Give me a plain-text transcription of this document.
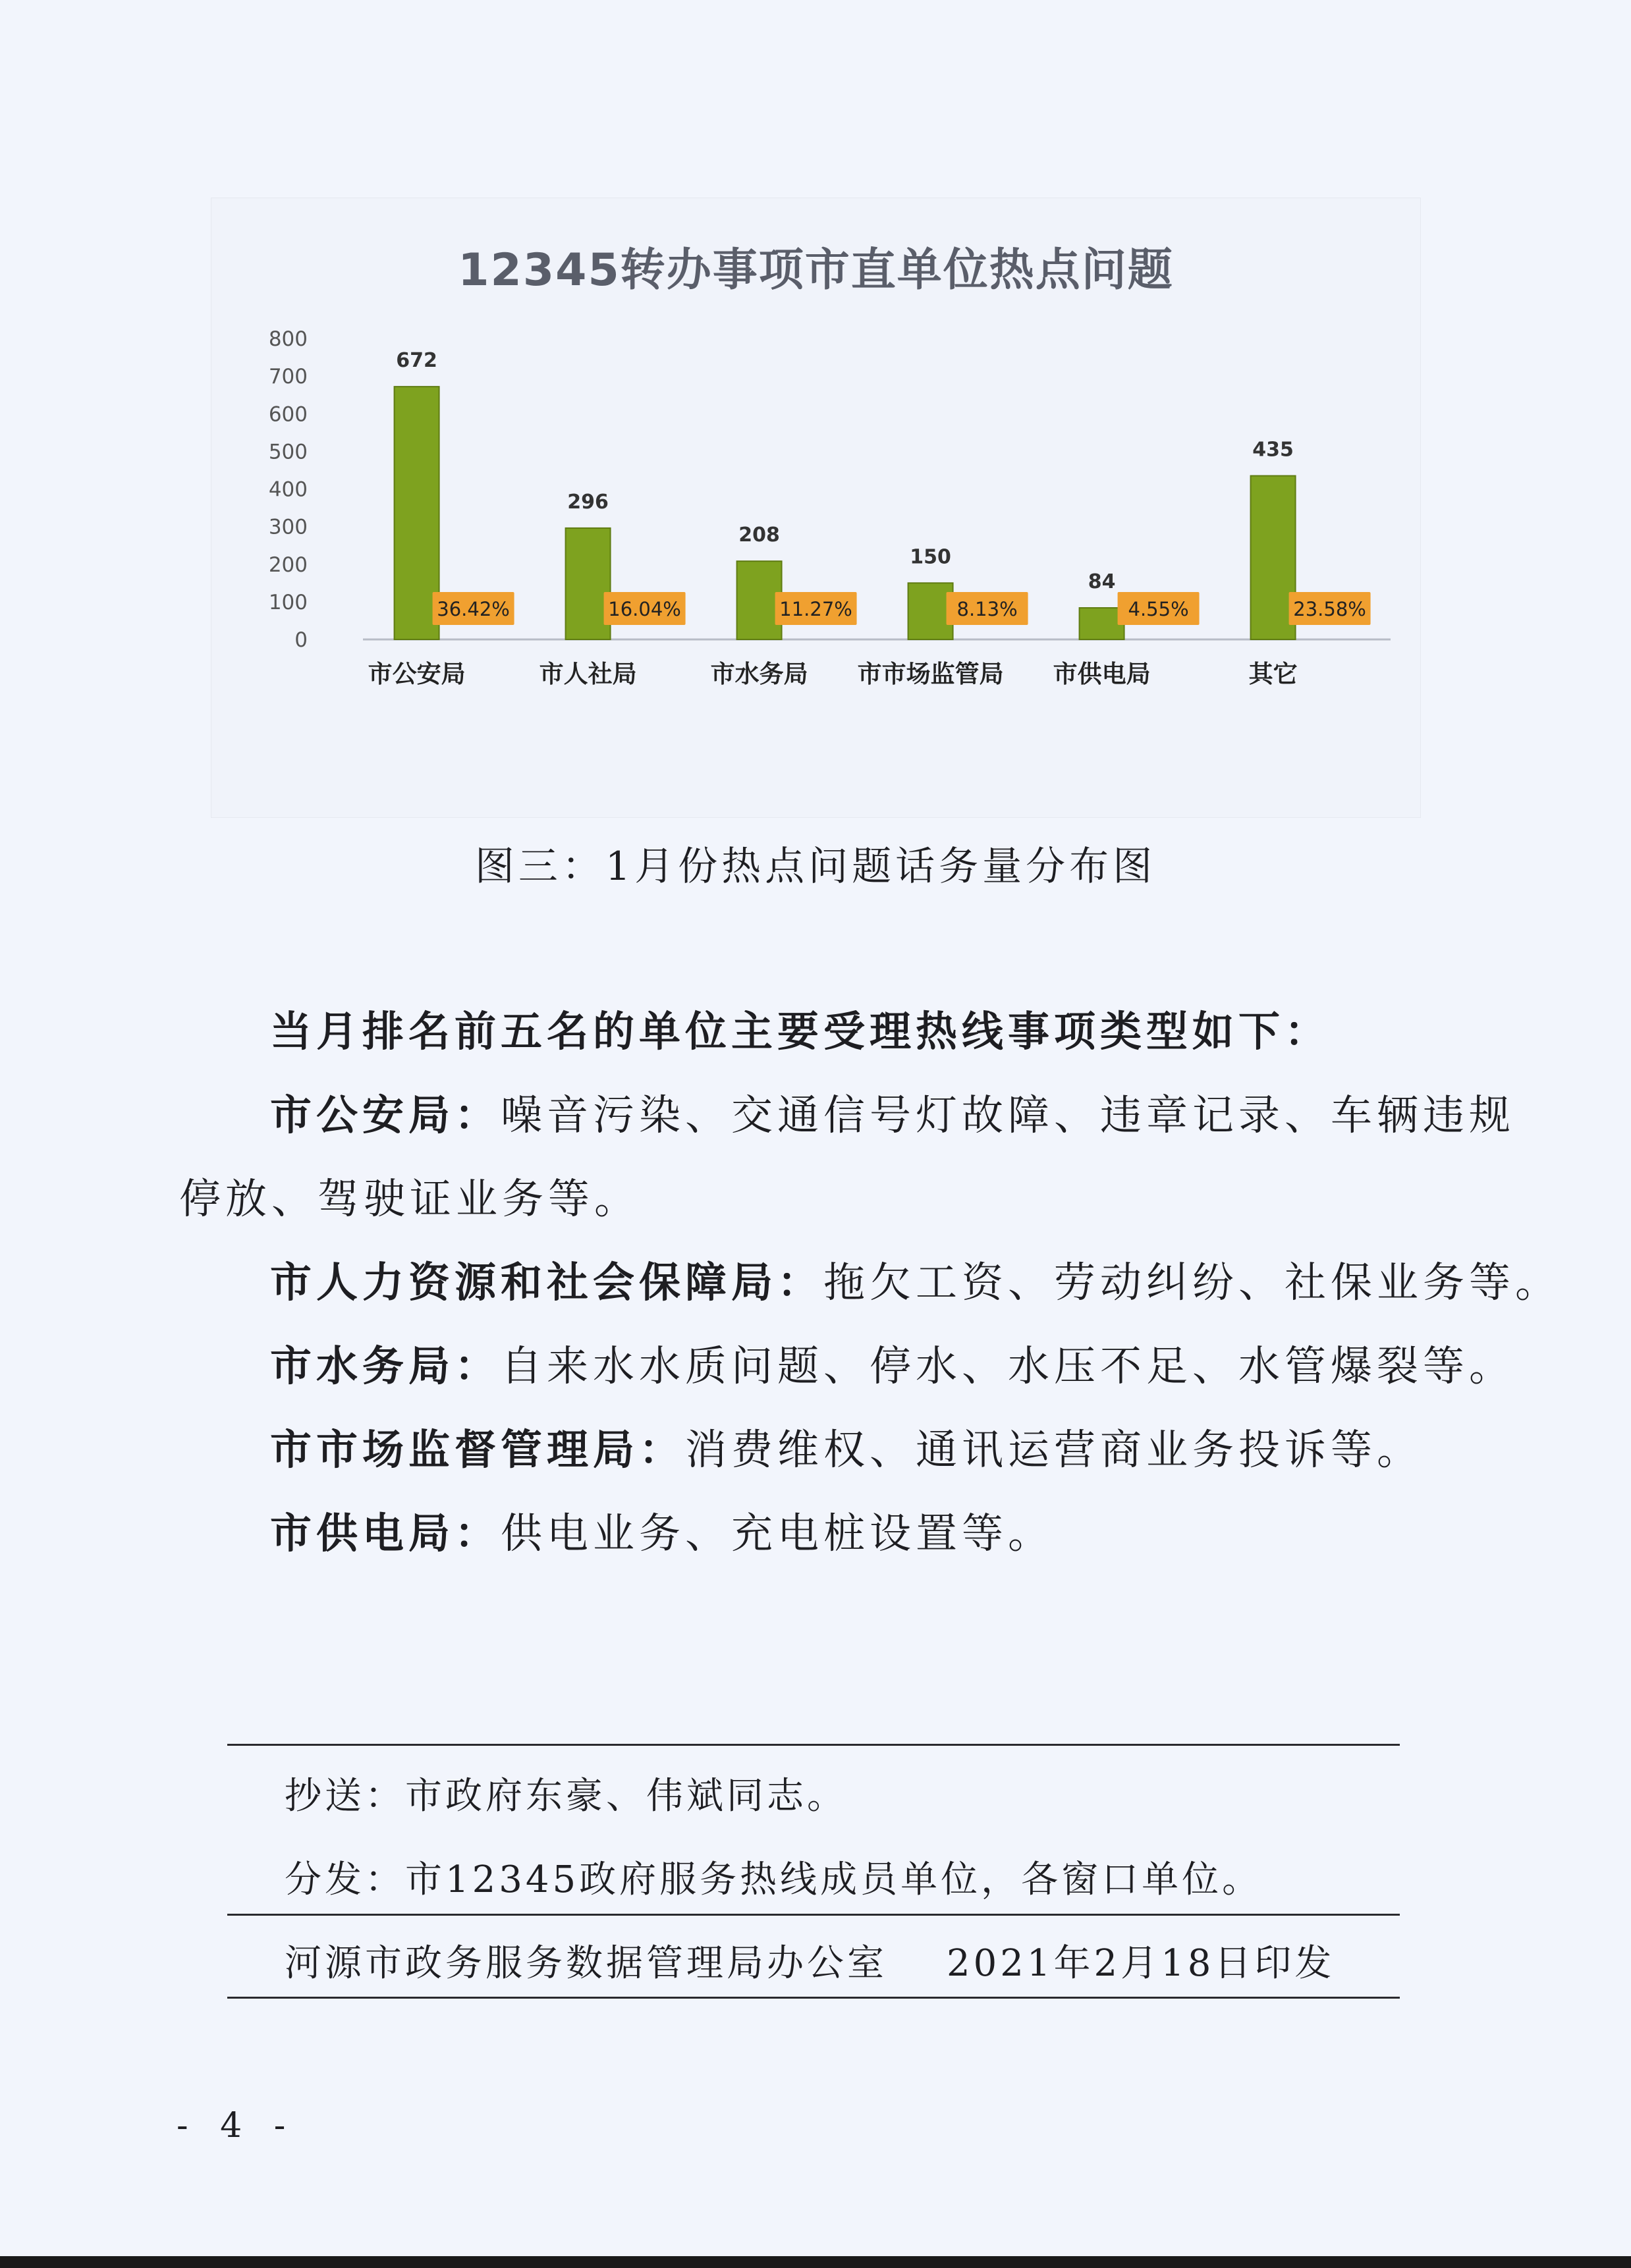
12345转办事项市直单位热点问题
0
100
200
300
400
500
600
700
800
672
36.42%
市公安局
296
16.04%
市人社局
208
11.27%
市水务局
150
8.13%
市市场监管局
84
4.55%
市供电局
435
23.58%
其它
图三：1月份热点问题话务量分布图
当月排名前五名的单位主要受理热线事项类型如下：
市公安局：噪音污染、交通信号灯故障、违章记录、车辆违规
停放、驾驶证业务等。
市人力资源和社会保障局：拖欠工资、劳动纠纷、社保业务等。
市水务局：自来水水质问题、停水、水压不足、水管爆裂等。
市市场监督管理局：消费维权、通讯运营商业务投诉等。
市供电局：供电业务、充电桩设置等。
抄送：市政府东豪、伟斌同志。
分发：市12345政府服务热线成员单位，各窗口单位。
河源市政务服务数据管理局办公室 2021年2月18日印发
- 4 -
